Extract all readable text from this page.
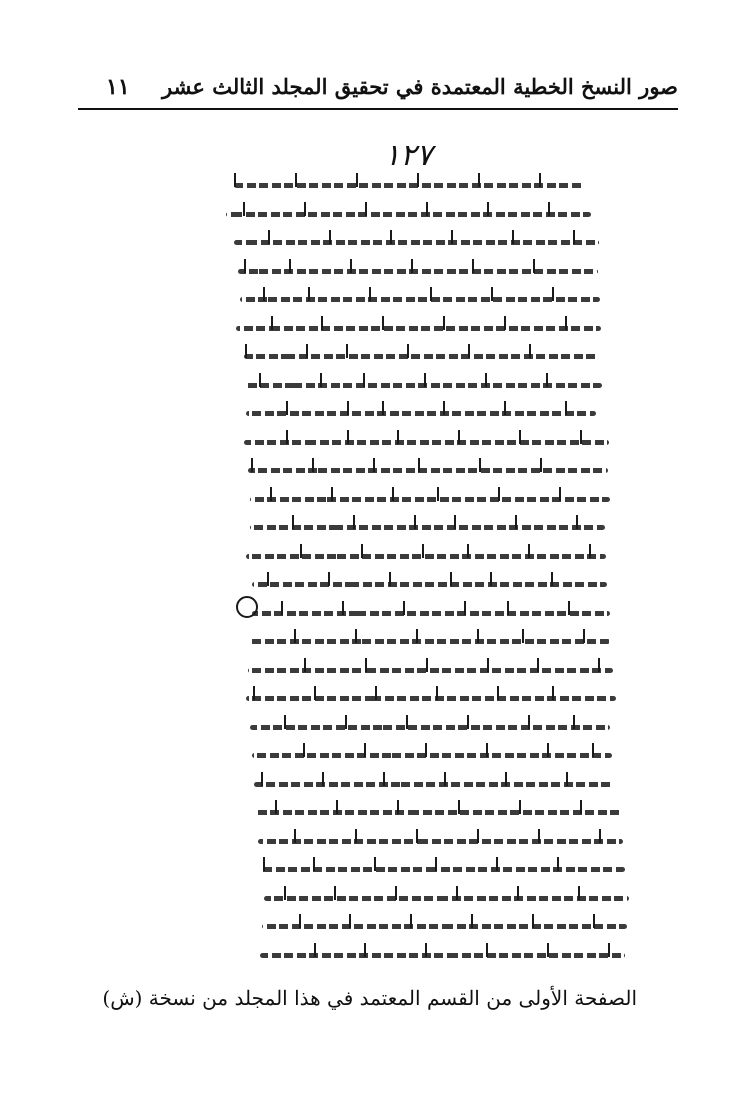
١١ صور النسخ الخطية المعتمدة في تحقيق المجلد الثالث عشر
١٢٧
الصفحة الأولى من القسم المعتمد في هذا المجلد من نسخة (ش)
